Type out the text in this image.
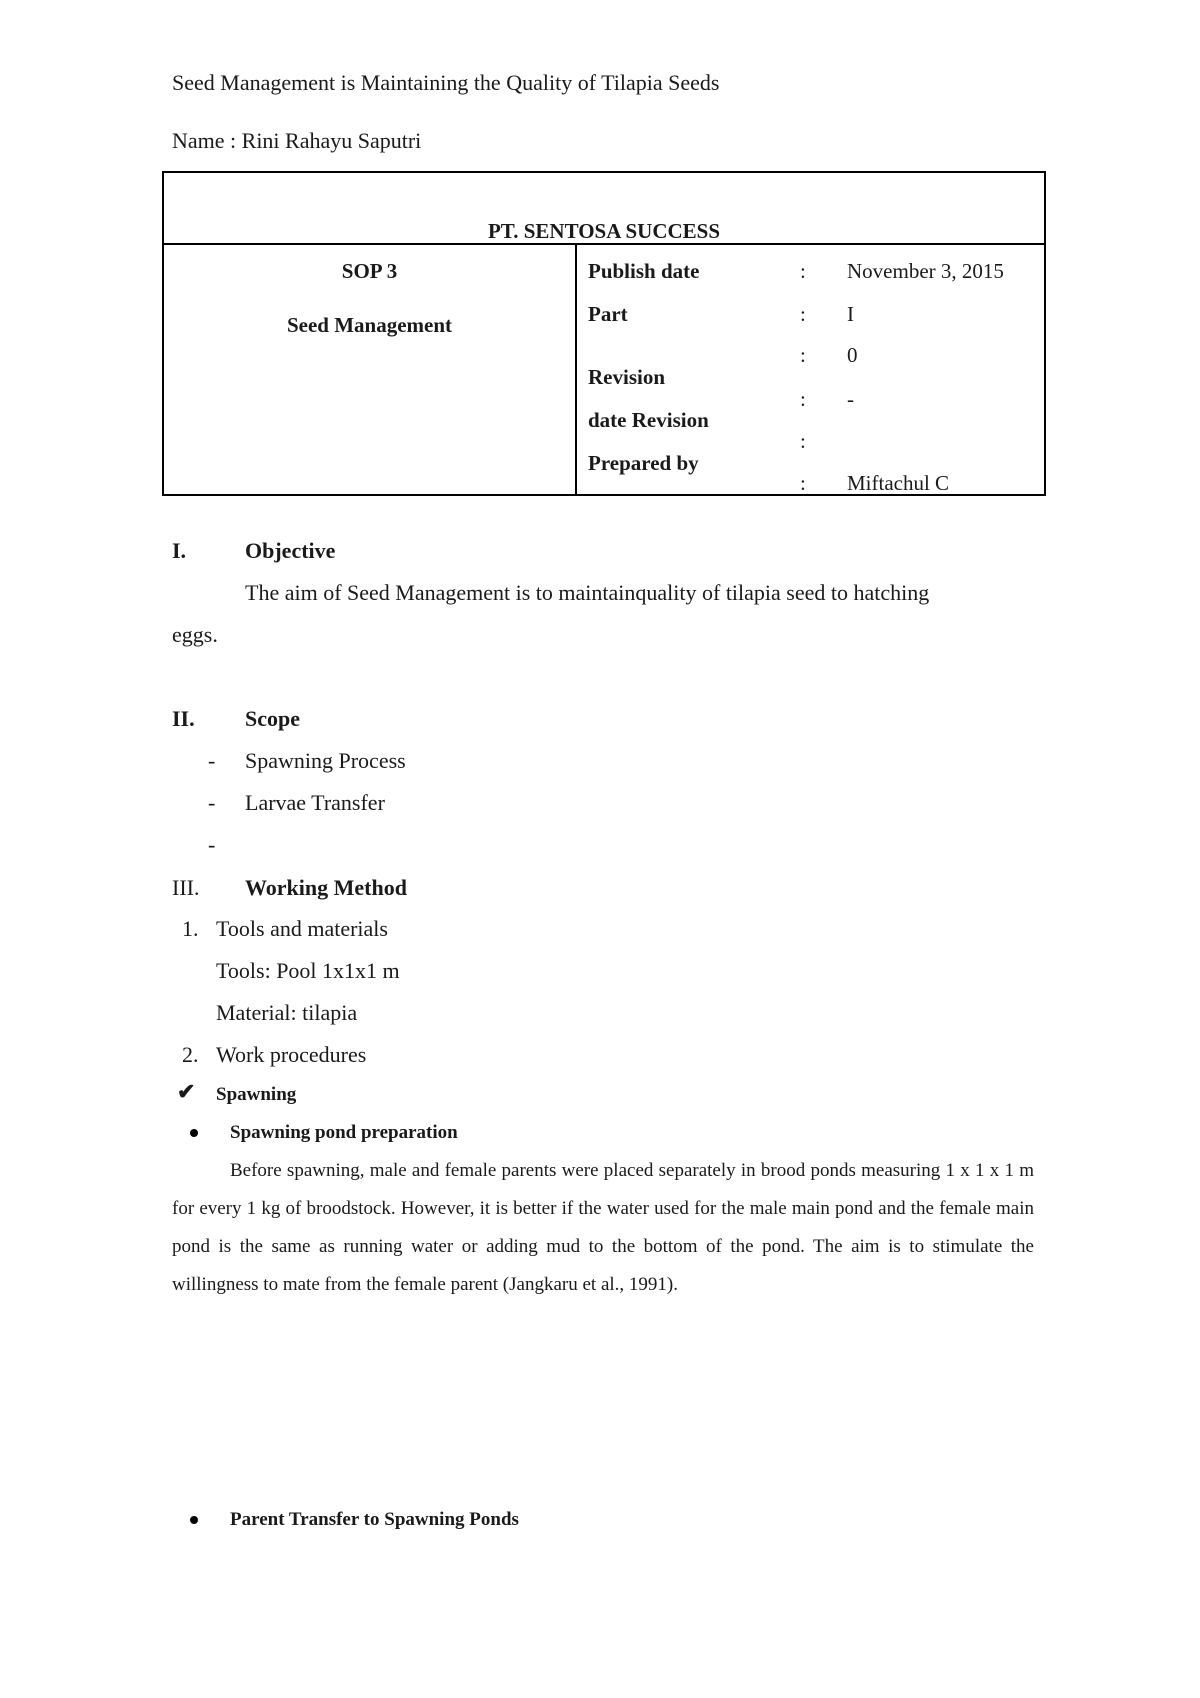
Seed Management is Maintaining the Quality of Tilapia Seeds
Name : Rini Rahayu Saputri
PT. SENTOSA SUCCESS
SOP 3
Seed Management
Publish date
Part
Revision
date Revision
Prepared by
:
:
:
:
:
:
November 3, 2015
I
0
-
Miftachul C
I.	Objective
The aim of Seed Management is to maintainquality of tilapia seed to hatching
eggs.
II. Scope
- Spawning Process
- Larvae Transfer
-
III. Working Method
1. Tools and materials
Tools: Pool 1x1x1 m
Material: tilapia
2. Work procedures
✔ Spawning
Spawning pond preparation

Before spawning, male and female parents were placed separately in brood ponds measuring 1 x 1 x 1 m for every 1 kg of broodstock. However, it is better if the water used for the male main pond and the female main pond is the same as running water or adding mud to the bottom of the pond. The aim is to stimulate the willingness to mate from the female parent (Jangkaru et al., 1991).

Parent Transfer to Spawning Ponds
